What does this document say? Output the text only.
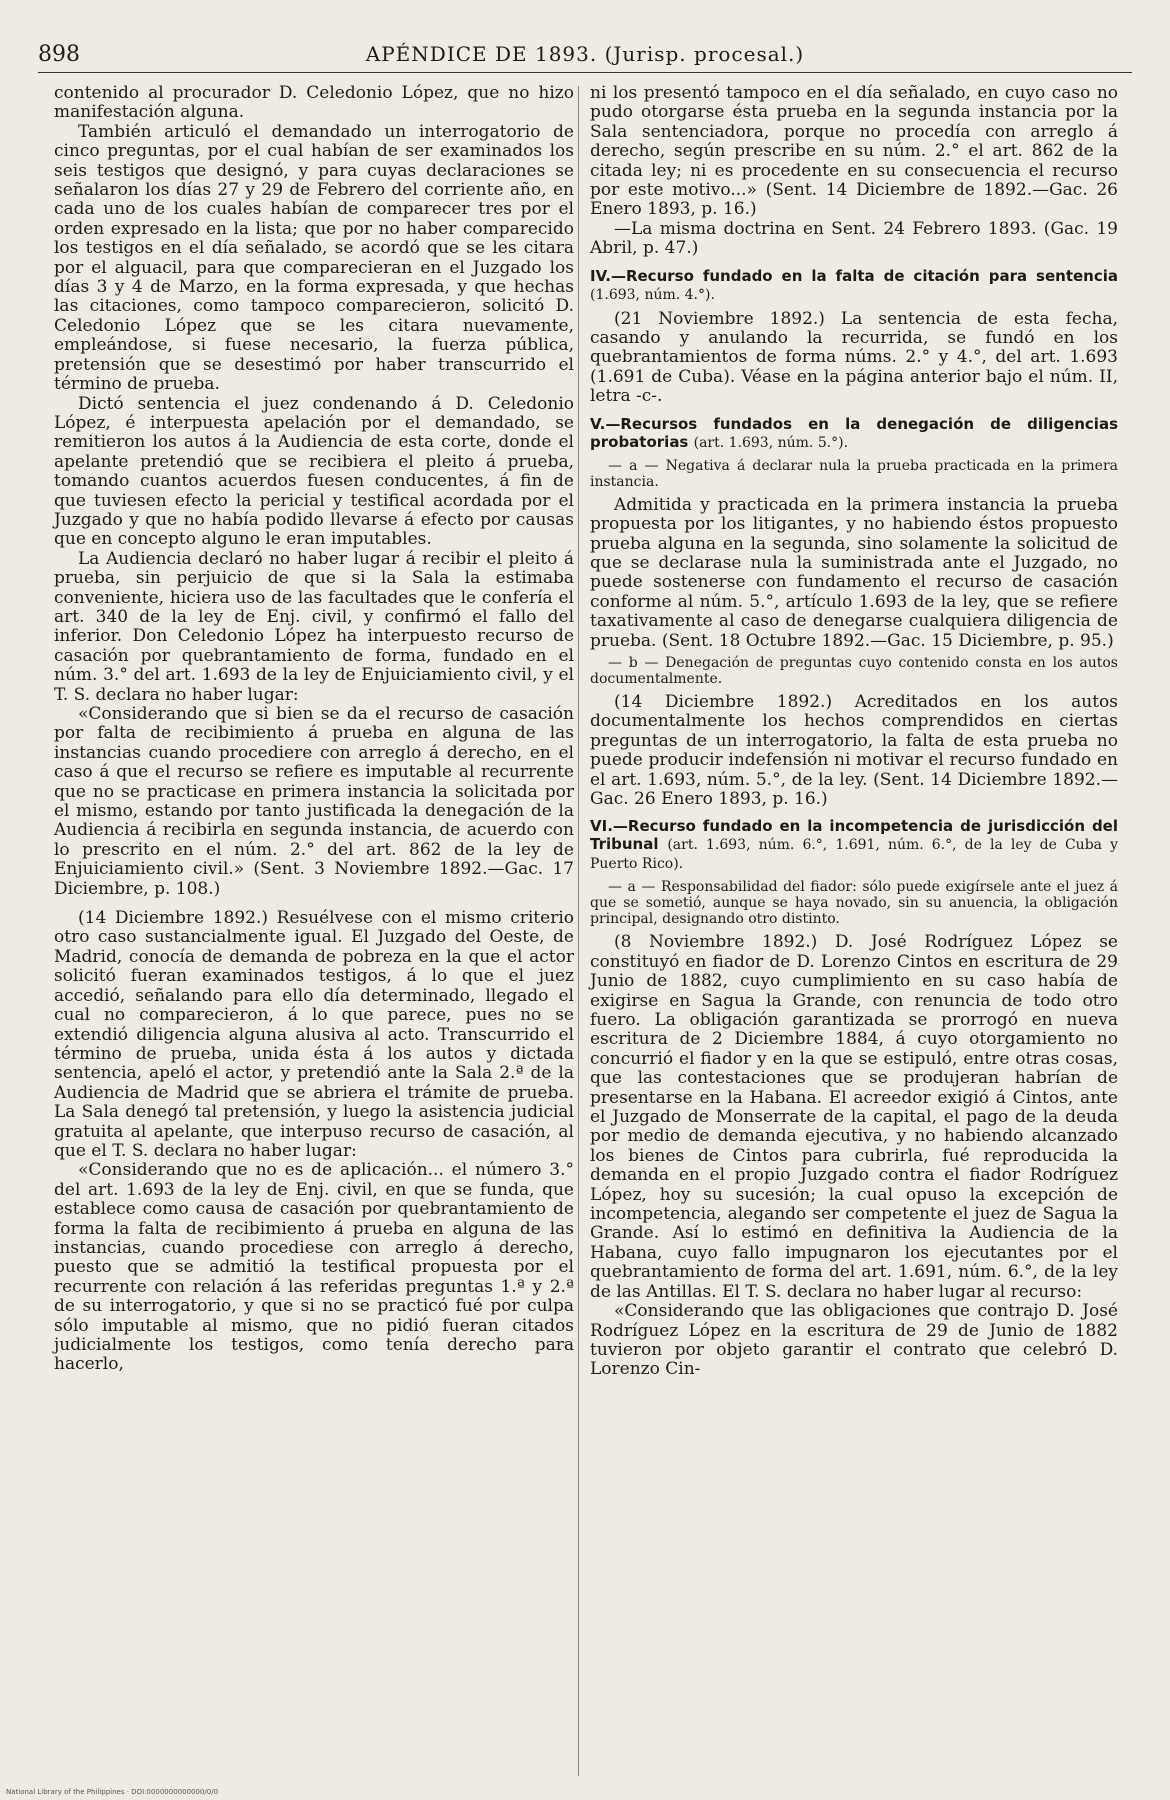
898	APÉNDICE DE 1893. (Jurisp. procesal.)

contenido al procurador D. Celedonio López, que no hizo manifestación alguna.

También articuló el demandado un interrogatorio de cinco preguntas, por el cual habían de ser examinados los seis testigos que designó, y para cuyas declaraciones se señalaron los días 27 y 29 de Febrero del corriente año, en cada uno de los cuales habían de comparecer tres por el orden expresado en la lista; que por no haber comparecido los testigos en el día señalado, se acordó que se les citara por el alguacil, para que comparecieran en el Juzgado los días 3 y 4 de Marzo, en la forma expresada, y que hechas las citaciones, como tampoco comparecieron, solicitó D. Celedonio López que se les citara nuevamente, empleándose, si fuese necesario, la fuerza pública, pretensión que se desestimó por haber transcurrido el término de prueba.

Dictó sentencia el juez condenando á D. Celedonio López, é interpuesta apelación por el demandado, se remitieron los autos á la Audiencia de esta corte, donde el apelante pretendió que se recibiera el pleito á prueba, tomando cuantos acuerdos fuesen conducentes, á fin de que tuviesen efecto la pericial y testifical acordada por el Juzgado y que no había podido llevarse á efecto por causas que en concepto alguno le eran imputables.

La Audiencia declaró no haber lugar á recibir el pleito á prueba, sin perjuicio de que si la Sala la estimaba conveniente, hiciera uso de las facultades que le confería el art. 340 de la ley de Enj. civil, y confirmó el fallo del inferior. Don Celedonio López ha interpuesto recurso de casación por quebrantamiento de forma, fundado en el núm. 3.° del art. 1.693 de la ley de Enjuiciamiento civil, y el T. S. declara no haber lugar:

«Considerando que si bien se da el recurso de casación por falta de recibimiento á prueba en alguna de las instancias cuando procediere con arreglo á derecho, en el caso á que el recurso se refiere es imputable al recurrente que no se practicase en primera instancia la solicitada por el mismo, estando por tanto justificada la denegación de la Audiencia á recibirla en segunda instancia, de acuerdo con lo prescrito en el núm. 2.° del art. 862 de la ley de Enjuiciamiento civil.» (Sent. 3 Noviembre 1892.—Gac. 17 Diciembre, p. 108.)

(14 Diciembre 1892.) Resuélvese con el mismo criterio otro caso sustancialmente igual. El Juzgado del Oeste, de Madrid, conocía de demanda de pobreza en la que el actor solicitó fueran examinados testigos, á lo que el juez accedió, señalando para ello día determinado, llegado el cual no comparecieron, á lo que parece, pues no se extendió diligencia alguna alusiva al acto. Transcurrido el término de prueba, unida ésta á los autos y dictada sentencia, apeló el actor, y pretendió ante la Sala 2.ª de la Audiencia de Madrid que se abriera el trámite de prueba. La Sala denegó tal pretensión, y luego la asistencia judicial gratuita al apelante, que interpuso recurso de casación, al que el T. S. declara no haber lugar:

«Considerando que no es de aplicación... el número 3.° del art. 1.693 de la ley de Enj. civil, en que se funda, que establece como causa de casación por quebrantamiento de forma la falta de recibimiento á prueba en alguna de las instancias, cuando procediese con arreglo á derecho, puesto que se admitió la testifical propuesta por el recurrente con relación á las referidas preguntas 1.ª y 2.ª de su interrogatorio, y que si no se practicó fué por culpa sólo imputable al mismo, que no pidió fueran citados judicialmente los testigos, como tenía derecho para hacerlo,

ni los presentó tampoco en el día señalado, en cuyo caso no pudo otorgarse ésta prueba en la segunda instancia por la Sala sentenciadora, porque no procedía con arreglo á derecho, según prescribe en su núm. 2.° el art. 862 de la citada ley; ni es procedente en su consecuencia el recurso por este motivo...» (Sent. 14 Diciembre de 1892.—Gac. 26 Enero 1893, p. 16.)

—La misma doctrina en Sent. 24 Febrero 1893. (Gac. 19 Abril, p. 47.)

IV.—Recurso fundado en la falta de citación para sentencia (1.693, núm. 4.°).

(21 Noviembre 1892.) La sentencia de esta fecha, casando y anulando la recurrida, se fundó en los quebrantamientos de forma núms. 2.° y 4.°, del art. 1.693 (1.691 de Cuba). Véase en la página anterior bajo el núm. II, letra -c-.

V.—Recursos fundados en la denegación de diligencias probatorias (art. 1.693, núm. 5.°).

— a — Negativa á declarar nula la prueba practicada en la primera instancia.

Admitida y practicada en la primera instancia la prueba propuesta por los litigantes, y no habiendo éstos propuesto prueba alguna en la segunda, sino solamente la solicitud de que se declarase nula la suministrada ante el Juzgado, no puede sostenerse con fundamento el recurso de casación conforme al núm. 5.°, artículo 1.693 de la ley, que se refiere taxativamente al caso de denegarse cualquiera diligencia de prueba. (Sent. 18 Octubre 1892.—Gac. 15 Diciembre, p. 95.)

— b — Denegación de preguntas cuyo contenido consta en los autos documentalmente.

(14 Diciembre 1892.) Acreditados en los autos documentalmente los hechos comprendidos en ciertas preguntas de un interrogatorio, la falta de esta prueba no puede producir indefensión ni motivar el recurso fundado en el art. 1.693, núm. 5.°, de la ley. (Sent. 14 Diciembre 1892.—Gac. 26 Enero 1893, p. 16.)

VI.—Recurso fundado en la incompetencia de jurisdicción del Tribunal (art. 1.693, núm. 6.°, 1.691, núm. 6.°, de la ley de Cuba y Puerto Rico).

— a — Responsabilidad del fiador: sólo puede exigírsele ante el juez á que se sometió, aunque se haya novado, sin su anuencia, la obligación principal, designando otro distinto.

(8 Noviembre 1892.) D. José Rodríguez López se constituyó en fiador de D. Lorenzo Cintos en escritura de 29 Junio de 1882, cuyo cumplimiento en su caso había de exigirse en Sagua la Grande, con renuncia de todo otro fuero. La obligación garantizada se prorrogó en nueva escritura de 2 Diciembre 1884, á cuyo otorgamiento no concurrió el fiador y en la que se estipuló, entre otras cosas, que las contestaciones que se produjeran habrían de presentarse en la Habana. El acreedor exigió á Cintos, ante el Juzgado de Monserrate de la capital, el pago de la deuda por medio de demanda ejecutiva, y no habiendo alcanzado los bienes de Cintos para cubrirla, fué reproducida la demanda en el propio Juzgado contra el fiador Rodríguez López, hoy su sucesión; la cual opuso la excepción de incompetencia, alegando ser competente el juez de Sagua la Grande. Así lo estimó en definitiva la Audiencia de la Habana, cuyo fallo impugnaron los ejecutantes por el quebrantamiento de forma del art. 1.691, núm. 6.°, de la ley de las Antillas. El T. S. declara no haber lugar al recurso:

«Considerando que las obligaciones que contrajo D. José Rodríguez López en la escritura de 29 de Junio de 1882 tuvieron por objeto garantir el contrato que celebró D. Lorenzo Cin-

National Library of the Philippines · DOI:0000000000000/0/0
